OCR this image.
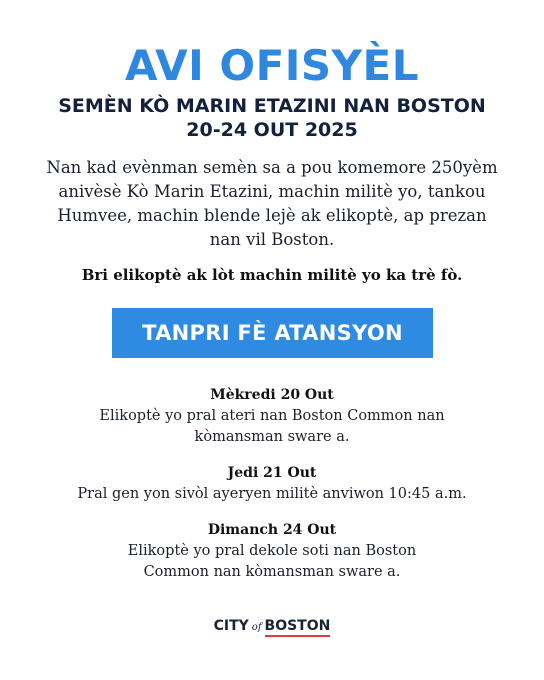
AVI OFISYÈL
SEMÈN KÒ MARIN ETAZINI NAN BOSTON
20-24 OUT 2025
Nan kad evènman semèn sa a pou komemore 250yèm anivèsè Kò Marin Etazini, machin militè yo, tankou Humvee, machin blende lejè ak elikoptè, ap prezan nan vil Boston.
Bri elikoptè ak lòt machin militè yo ka trè fò.
TANPRI FÈ ATANSYON
Mèkredi 20 Out
Elikoptè yo pral ateri nan Boston Common nan kòmansman sware a.
Jedi 21 Out
Pral gen yon sivòl ayeryen militè anviwon 10:45 a.m.
Dimanch 24 Out
Elikoptè yo pral dekole soti nan Boston Common nan kòmansman sware a.
CITY of BOSTON
